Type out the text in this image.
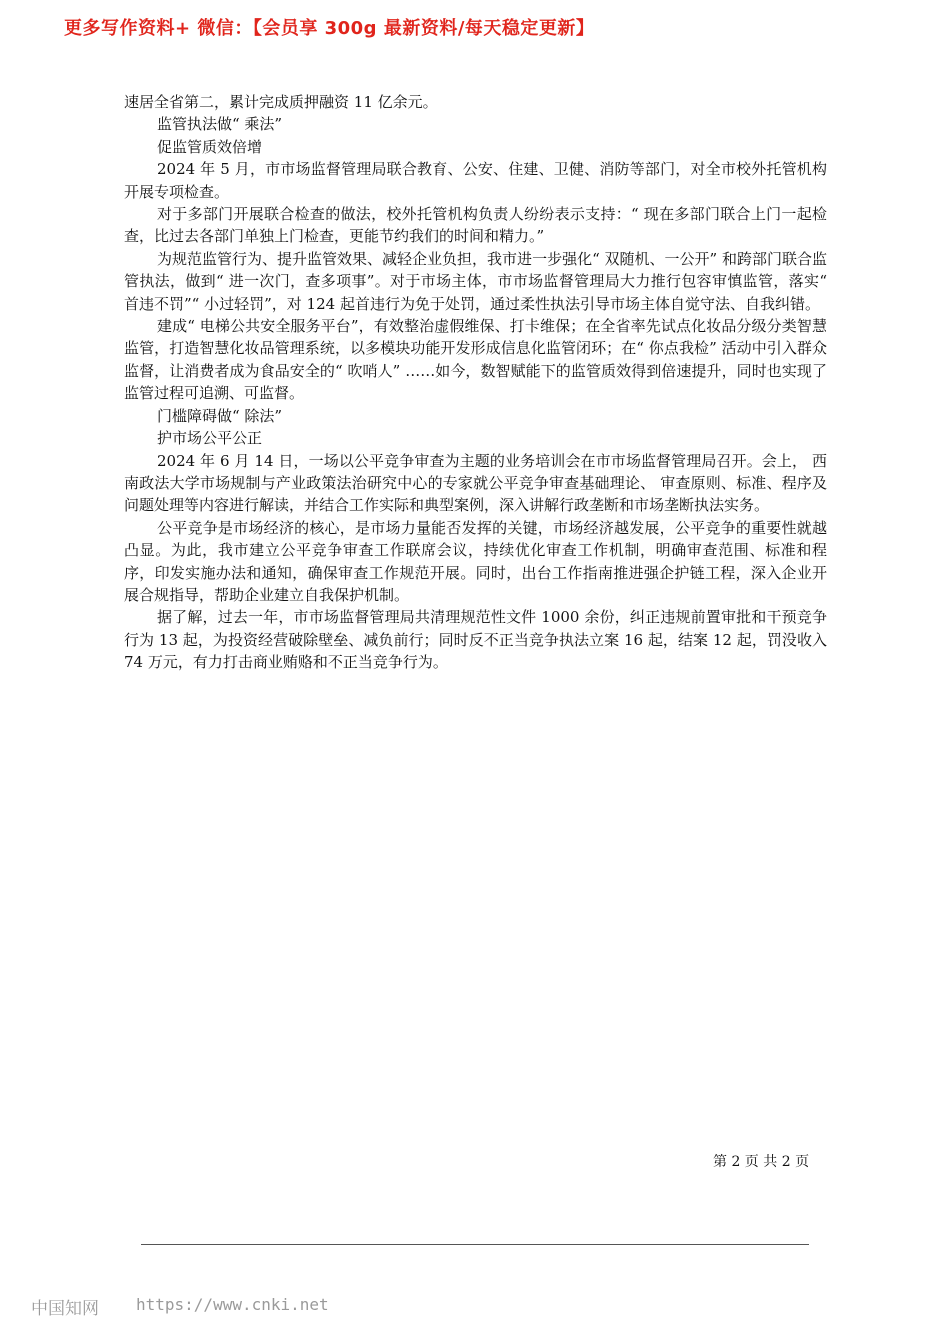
更多写作资料+ 微信：【会员享 300g 最新资料/每天稳定更新】

速居全省第二，累计完成质押融资 11 亿余元。

监管执法做“ 乘法”

促监管质效倍增

2024 年 5 月，市市场监督管理局联合教育、公安、住建、卫健、消防等部门，对全市校外托管机构开展专项检查。

对于多部门开展联合检查的做法，校外托管机构负责人纷纷表示支持：“ 现在多部门联合上门一起检查，比过去各部门单独上门检查，更能节约我们的时间和精力。”

为规范监管行为、提升监管效果、减轻企业负担，我市进一步强化“ 双随机、一公开” 和跨部门联合监管执法，做到“ 进一次门，查多项事”。对于市场主体，市市场监督管理局大力推行包容审慎监管，落实“ 首违不罚”“ 小过轻罚”，对 124 起首违行为免于处罚，通过柔性执法引导市场主体自觉守法、自我纠错。

建成“ 电梯公共安全服务平台”，有效整治虚假维保、打卡维保；在全省率先试点化妆品分级分类智慧监管，打造智慧化妆品管理系统，以多模块功能开发形成信息化监管闭环；在“ 你点我检” 活动中引入群众监督，让消费者成为食品安全的“ 吹哨人” ……如今，数智赋能下的监管质效得到倍速提升，同时也实现了监管过程可追溯、可监督。

门槛障碍做“ 除法”

护市场公平公正

2024 年 6 月 14 日，一场以公平竞争审查为主题的业务培训会在市市场监督管理局召开。会上， 西南政法大学市场规制与产业政策法治研究中心的专家就公平竞争审查基础理论、 审查原则、标准、程序及问题处理等内容进行解读，并结合工作实际和典型案例，深入讲解行政垄断和市场垄断执法实务。

公平竞争是市场经济的核心，是市场力量能否发挥的关键，市场经济越发展，公平竞争的重要性就越凸显。为此，我市建立公平竞争审查工作联席会议，持续优化审查工作机制，明确审查范围、标准和程序，印发实施办法和通知，确保审查工作规范开展。同时，出台工作指南推进强企护链工程，深入企业开展合规指导，帮助企业建立自我保护机制。

据了解，过去一年，市市场监督管理局共清理规范性文件 1000 余份，纠正违规前置审批和干预竞争行为 13 起，为投资经营破除壁垒、减负前行；同时反不正当竞争执法立案 16 起，结案 12 起，罚没收入 74 万元，有力打击商业贿赂和不正当竞争行为。

第 2 页 共 2 页
中国知网 https://www.cnki.net
